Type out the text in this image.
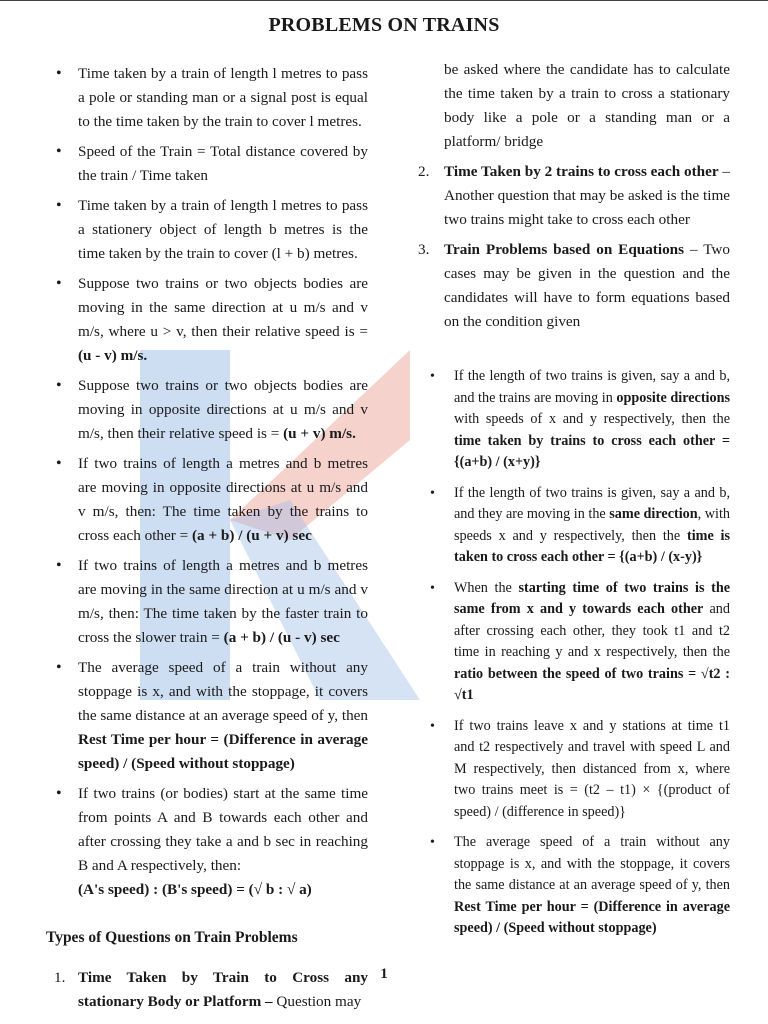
PROBLEMS ON TRAINS
• Time taken by a train of length l metres to pass a pole or standing man or a signal post is equal to the time taken by the train to cover l metres.
• Speed of the Train = Total distance covered by the train / Time taken
• Time taken by a train of length l metres to pass a stationery object of length b metres is the time taken by the train to cover (l + b) metres.
• Suppose two trains or two objects bodies are moving in the same direction at u m/s and v m/s, where u > v, then their relative speed is = (u - v) m/s.
• Suppose two trains or two objects bodies are moving in opposite directions at u m/s and v m/s, then their relative speed is = (u + v) m/s.
• If two trains of length a metres and b metres are moving in opposite directions at u m/s and v m/s, then: The time taken by the trains to cross each other = (a + b) / (u + v) sec
• If two trains of length a metres and b metres are moving in the same direction at u m/s and v m/s, then: The time taken by the faster train to cross the slower train = (a + b) / (u - v) sec
• The average speed of a train without any stoppage is x, and with the stoppage, it covers the same distance at an average speed of y, then Rest Time per hour = (Difference in average speed) / (Speed without stoppage)
• If two trains (or bodies) start at the same time from points A and B towards each other and after crossing they take a and b sec in reaching B and A respectively, then:
(A's speed) : (B's speed) = (√ b : √ a)
Types of Questions on Train Problems
1. Time Taken by Train to Cross any stationary Body or Platform – Question may
be asked where the candidate has to calculate the time taken by a train to cross a stationary body like a pole or a standing man or a platform/ bridge
2. Time Taken by 2 trains to cross each other – Another question that may be asked is the time two trains might take to cross each other
3. Train Problems based on Equations – Two cases may be given in the question and the candidates will have to form equations based on the condition given
• If the length of two trains is given, say a and b, and the trains are moving in opposite directions with speeds of x and y respectively, then the time taken by trains to cross each other = {(a+b) / (x+y)}
• If the length of two trains is given, say a and b, and they are moving in the same direction, with speeds x and y respectively, then the time is taken to cross each other = {(a+b) / (x-y)}
• When the starting time of two trains is the same from x and y towards each other and after crossing each other, they took t1 and t2 time in reaching y and x respectively, then the ratio between the speed of two trains = √t2 : √t1
• If two trains leave x and y stations at time t1 and t2 respectively and travel with speed L and M respectively, then distanced from x, where two trains meet is = (t2 – t1) × {(product of speed) / (difference in speed)}
• The average speed of a train without any stoppage is x, and with the stoppage, it covers the same distance at an average speed of y, then Rest Time per hour = (Difference in average speed) / (Speed without stoppage)
1
